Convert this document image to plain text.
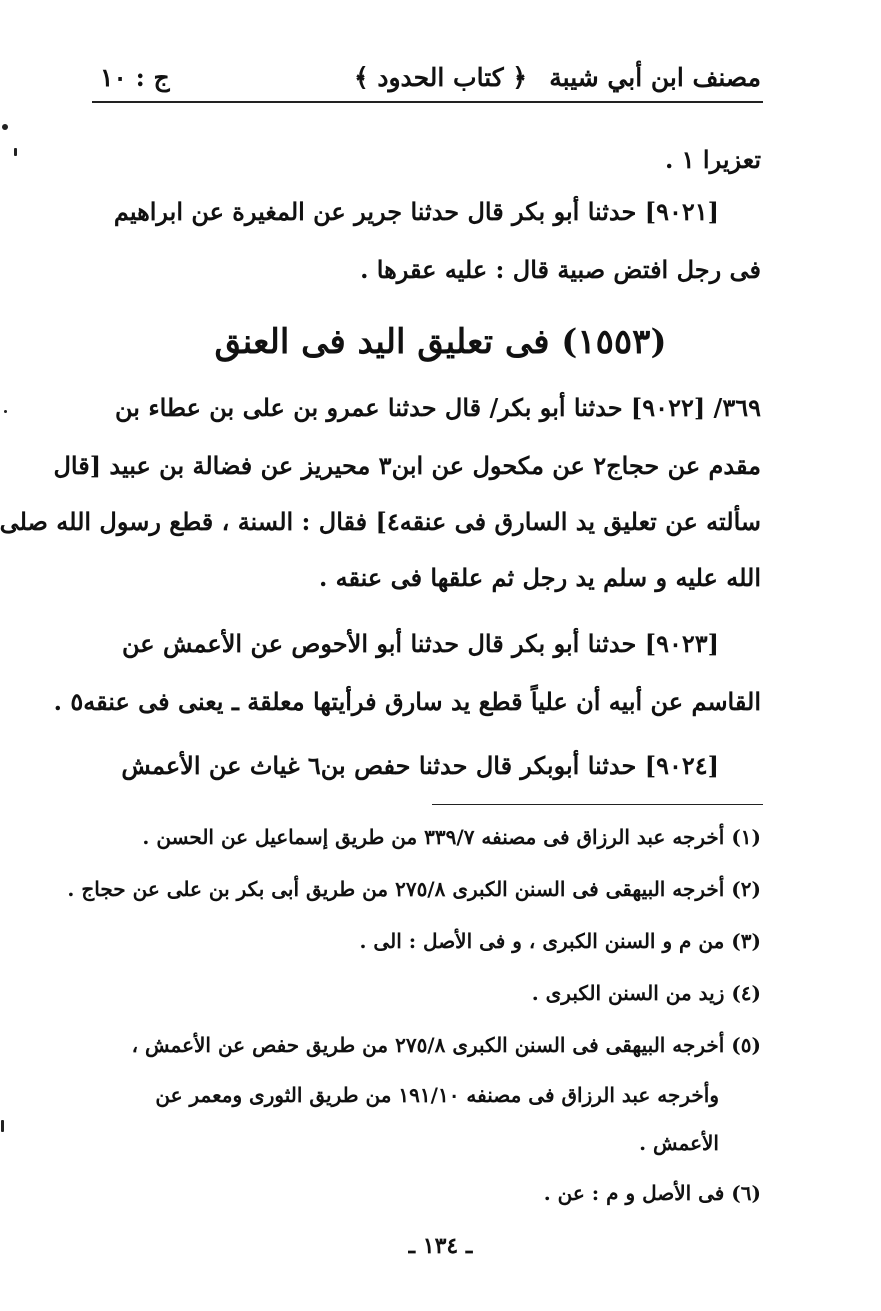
مصنف ابن أبي شيبة
﴿ كتاب الحدود ﴾
ج : ١٠
تعزيرا ١ .
[٩٠٢١] حدثنا أبو بكر قال حدثنا جرير عن المغيرة عن ابراهيم
فى رجل افتض صبية قال : عليه عقرها .
(١٥٥٣) فى تعليق اليد فى العنق
٣٦٩/ [٩٠٢٢] حدثنا أبو بكر/ قال حدثنا عمرو بن على بن عطاء بن
مقدم عن حجاج٢ عن مكحول عن ابن٣ محيريز عن فضالة بن عبيد [قال
سألته عن تعليق يد السارق فى عنقه٤] فقال : السنة ، قطع رسول الله صلى
الله عليه و سلم يد رجل ثم علقها فى عنقه .
[٩٠٢٣] حدثنا أبو بكر قال حدثنا أبو الأحوص عن الأعمش عن
القاسم عن أبيه أن علياً قطع يد سارق فرأيتها معلقة ـ يعنى فى عنقه٥ .
[٩٠٢٤] حدثنا أبوبكر قال حدثنا حفص بن٦ غياث عن الأعمش
(١) أخرجه عبد الرزاق فى مصنفه ٣٣٩/٧ من طريق إسماعيل عن الحسن .
(٢) أخرجه البيهقى فى السنن الكبرى ٢٧٥/٨ من طريق أبى بكر بن على عن حجاج .
(٣) من م و السنن الكبرى ، و فى الأصل : الى .
(٤) زيد من السنن الكبرى .
(٥) أخرجه البيهقى فى السنن الكبرى ٢٧٥/٨ من طريق حفص عن الأعمش ،
وأخرجه عبد الرزاق فى مصنفه ١٩١/١٠ من طريق الثورى ومعمر عن
الأعمش .
(٦) فى الأصل و م : عن .
ـ ١٣٤ ـ
